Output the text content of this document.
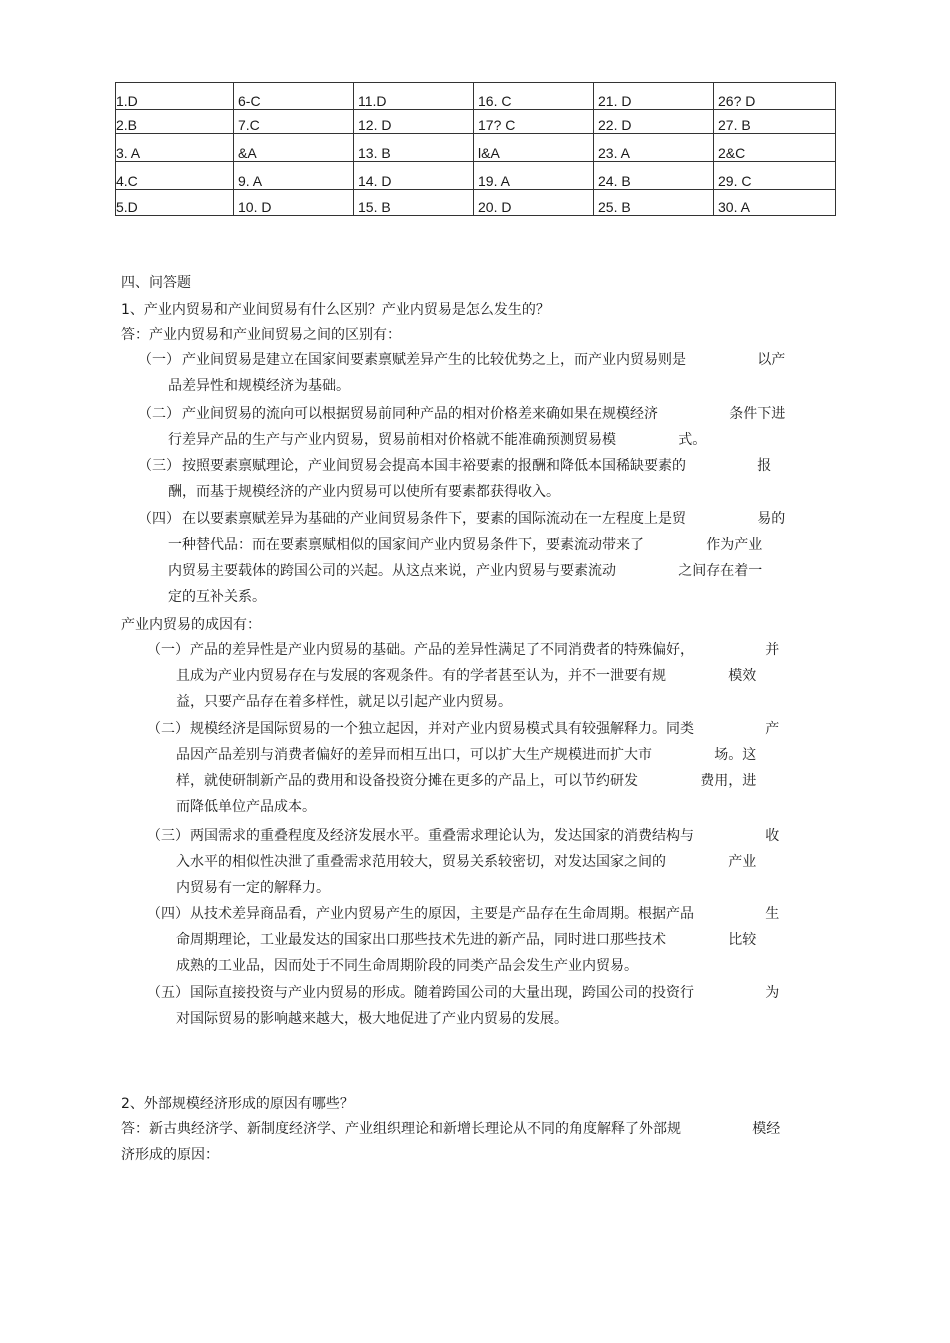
1.D	6-C	11.D	16. C	21. D	26? D
2.B	7.C	12. D	17? C	22. D	27. B
3. A	&A	13. B	l&A	23. A	2&C
4.C	9. A	14. D	19. A	24. B	29. C
5.D	10. D	15. B	20. D	25. B	30. A
四、问答题
1、产业内贸易和产业间贸易有什么区别？产业内贸易是怎么发生的？
答：产业内贸易和产业间贸易之间的区别有：
（一） 产业间贸易是建立在国家间要素禀赋差异产生的比较优势之上，而产业内贸易则是                以产
品差异性和规模经济为基础。
（二） 产业间贸易的流向可以根据贸易前同种产品的相对价格差来确如果在规模经济                条件下进
行差异产品的生产与产业内贸易，贸易前相对价格就不能准确预测贸易模              式。
（三） 按照要素禀赋理论，产业间贸易会提高本国丰裕要素的报酬和降低本国稀缺要素的                报
酬，而基于规模经济的产业内贸易可以使所有要素都获得收入。
（四） 在以要素禀赋差异为基础的产业间贸易条件下，要素的国际流动在一左程度上是贸                易的
一种替代品：而在要素禀赋相似的国家间产业内贸易条件下，要素流动带来了              作为产业
内贸易主要载体的跨国公司的兴起。从这点来说，产业内贸易与要素流动              之间存在着一
定的互补关系。
产业内贸易的成因有：
（一） 产品的差异性是产业内贸易的基础。产品的差异性满足了不同消费者的特殊偏好，                并
且成为产业内贸易存在与发展的客观条件。有的学者甚至认为，并不一泄要有规              模效
益，只要产品存在着多样性，就足以引起产业内贸易。
（二） 规模经济是国际贸易的一个独立起因，并对产业内贸易模式具有较强解释力。同类                产
品因产品差别与消费者偏好的差异而相互出口，可以扩大生产规模进而扩大市              场。这
样，就使研制新产品的费用和设备投资分摊在更多的产品上，可以节约研发              费用，进
而降低单位产品成本。
（三） 两国需求的重叠程度及经济发展水平。重叠需求理论认为，发达国家的消费结构与                收
入水平的相似性决泄了重叠需求范用较大，贸易关系较密切，对发达国家之间的              产业
内贸易有一定的解释力。
（四） 从技术差异商品看，产业内贸易产生的原因，主要是产品存在生命周期。根据产品                生
命周期理论，工业最发达的国家出口那些技术先进的新产品，同时进口那些技术              比较
成熟的工业品，因而处于不同生命周期阶段的同类产品会发生产业内贸易。
（五） 国际直接投资与产业内贸易的形成。随着跨国公司的大量出现，跨国公司的投资行                为
对国际贸易的影响越来越大，极大地促进了产业内贸易的发展。
2、外部规模经济形成的原因有哪些？
答：新古典经济学、新制度经济学、产业组织理论和新增长理论从不同的角度解释了外部规                模经
济形成的原因：
